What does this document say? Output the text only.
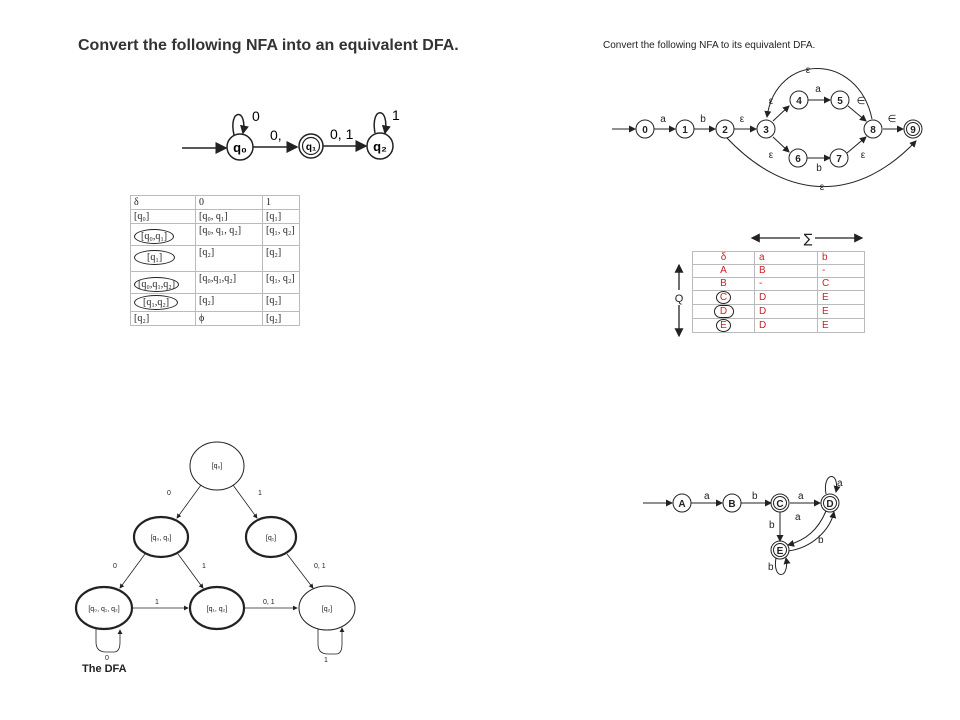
Convert the following NFA into an equivalent DFA.	Convert the following NFA to its equivalent DFA.
q₀
0
0,
q₁
0, 1
q₂
1
δ	0	1
[q₀]	[q₀, q₁]	[q₁]
[q₀,q₁]	[q₀, q₁, q₂]	[q₁, q₂]
[q₁]	[q₂]	[q₂]
[q₀,q₁,q₂]	[q₀,q₁,q₂]	[q₁, q₂]
[q₁,q₂]	[q₂]	[q₂]
[q₂]	ϕ	[q₂]
[q₀]
[q₀, q₁]	[q₁]
[q₀, q₁, q₂]	[q₁, q₂]	[q₂]
0	1
0	1	0, 1
1	0, 1
0	1
The DFA
0	1	2	3
4	5
6	7
8	9
a	b	ε
ε
a
∈
ε
b
ε
∈
ε
ε
∑
Q
δ	a	b
A	B	-
B	-	C
C	D	E
D	D	E
E	D	E
A	B	C	D
E
a	b	a
a
b
a
b
b
